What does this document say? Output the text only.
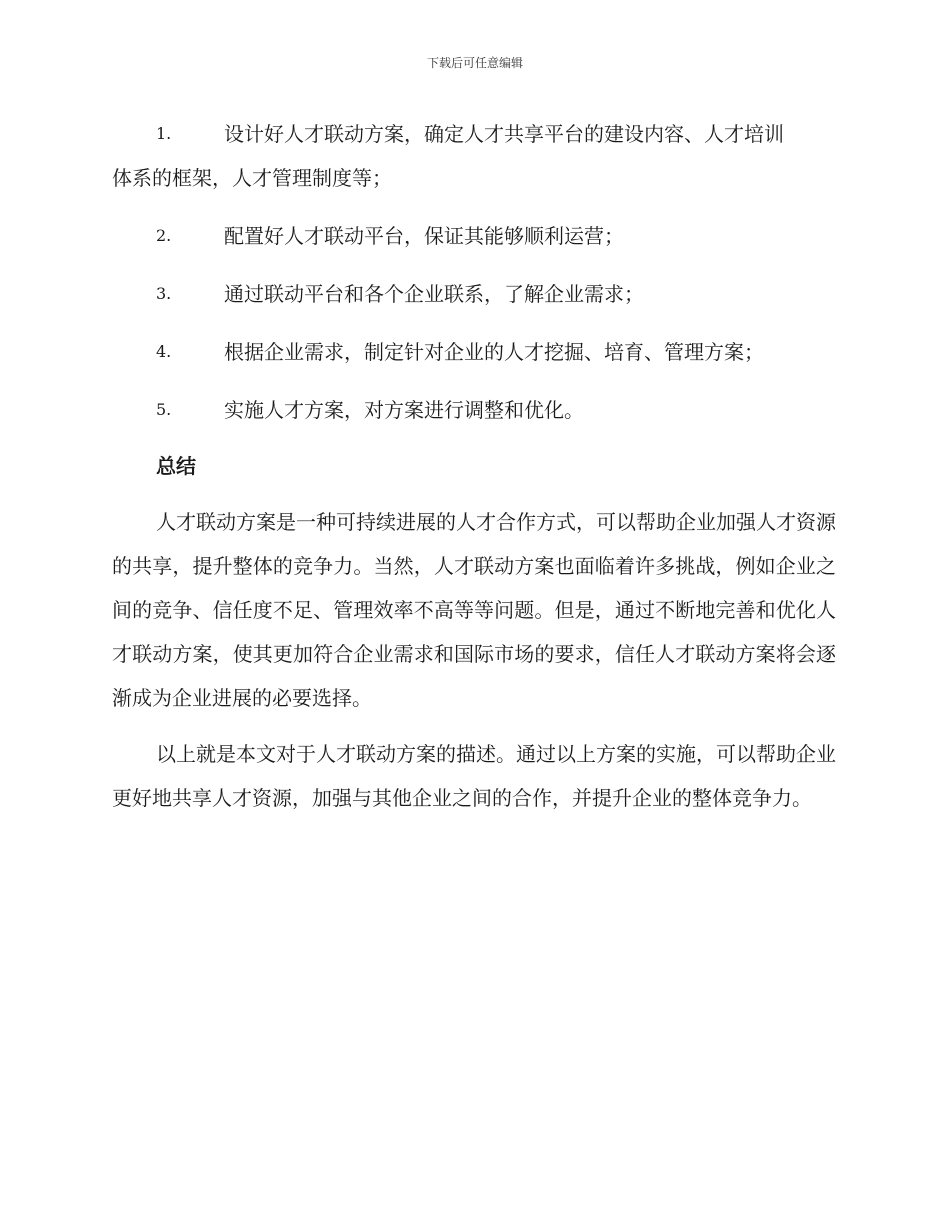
下载后可任意编辑
1.	设计好人才联动方案，确定人才共享平台的建设内容、人才培训
体系的框架，人才管理制度等；
2.	配置好人才联动平台，保证其能够顺利运营；
3.	通过联动平台和各个企业联系，了解企业需求；
4.	根据企业需求，制定针对企业的人才挖掘、培育、管理方案；
5.	实施人才方案，对方案进行调整和优化。
总结

人才联动方案是一种可持续进展的人才合作方式，可以帮助企业加强人才资源的共享，提升整体的竞争力。当然，人才联动方案也面临着许多挑战，例如企业之间的竞争、信任度不足、管理效率不高等等问题。但是，通过不断地完善和优化人才联动方案，使其更加符合企业需求和国际市场的要求，信任人才联动方案将会逐渐成为企业进展的必要选择。

以上就是本文对于人才联动方案的描述。通过以上方案的实施，可以帮助企业更好地共享人才资源，加强与其他企业之间的合作，并提升企业的整体竞争力。
